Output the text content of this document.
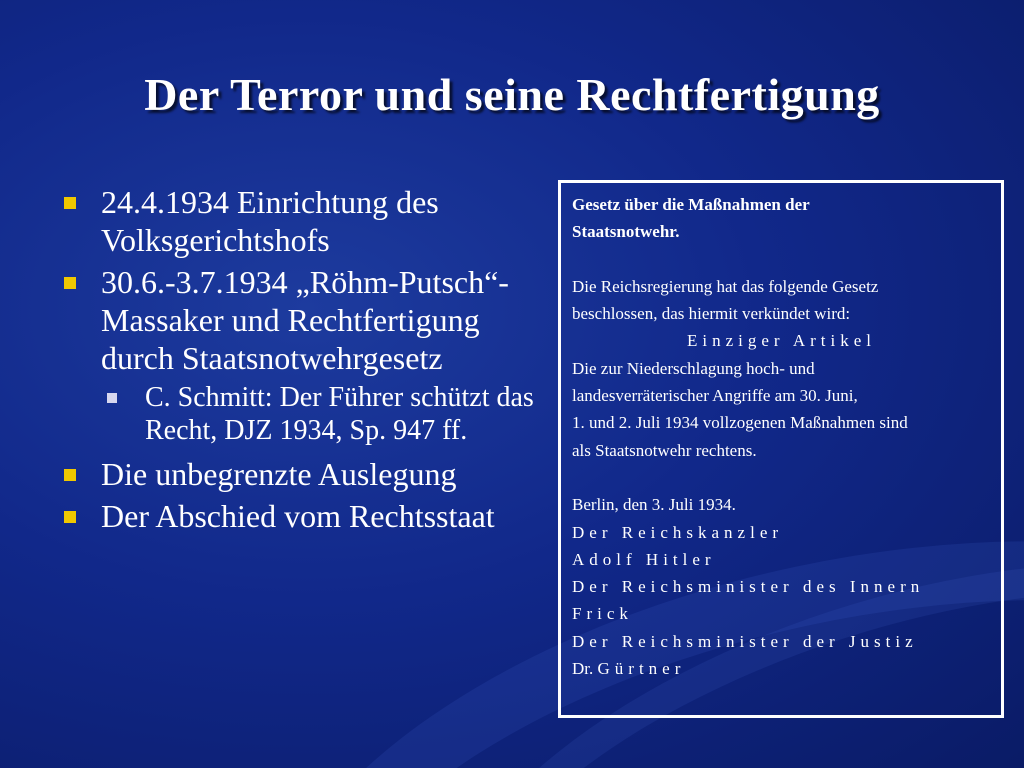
Der Terror und seine Rechtfertigung
24.4.1934 Einrichtung des Volksgerichtshofs
30.6.-3.7.1934 „Röhm-Putsch“-Massaker und Rechtfertigung durch Staatsnotwehrgesetz
C. Schmitt: Der Führer schützt das Recht, DJZ 1934, Sp. 947 ff.
Die unbegrenzte Auslegung
Der Abschied vom Rechtsstaat
Gesetz über die Maßnahmen der
Staatsnotwehr.
Die Reichsregierung hat das folgende Gesetz
beschlossen, das hiermit verkündet wird:
Einziger Artikel
Die zur Niederschlagung hoch- und
landesverräterischer Angriffe am 30. Juni,
1. und 2. Juli 1934 vollzogenen Maßnahmen sind
als Staatsnotwehr rechtens.
Berlin, den 3. Juli 1934.
Der Reichskanzler
Adolf Hitler
Der Reichsminister des Innern
Frick
Der Reichsminister der Justiz
Dr. Gürtner
